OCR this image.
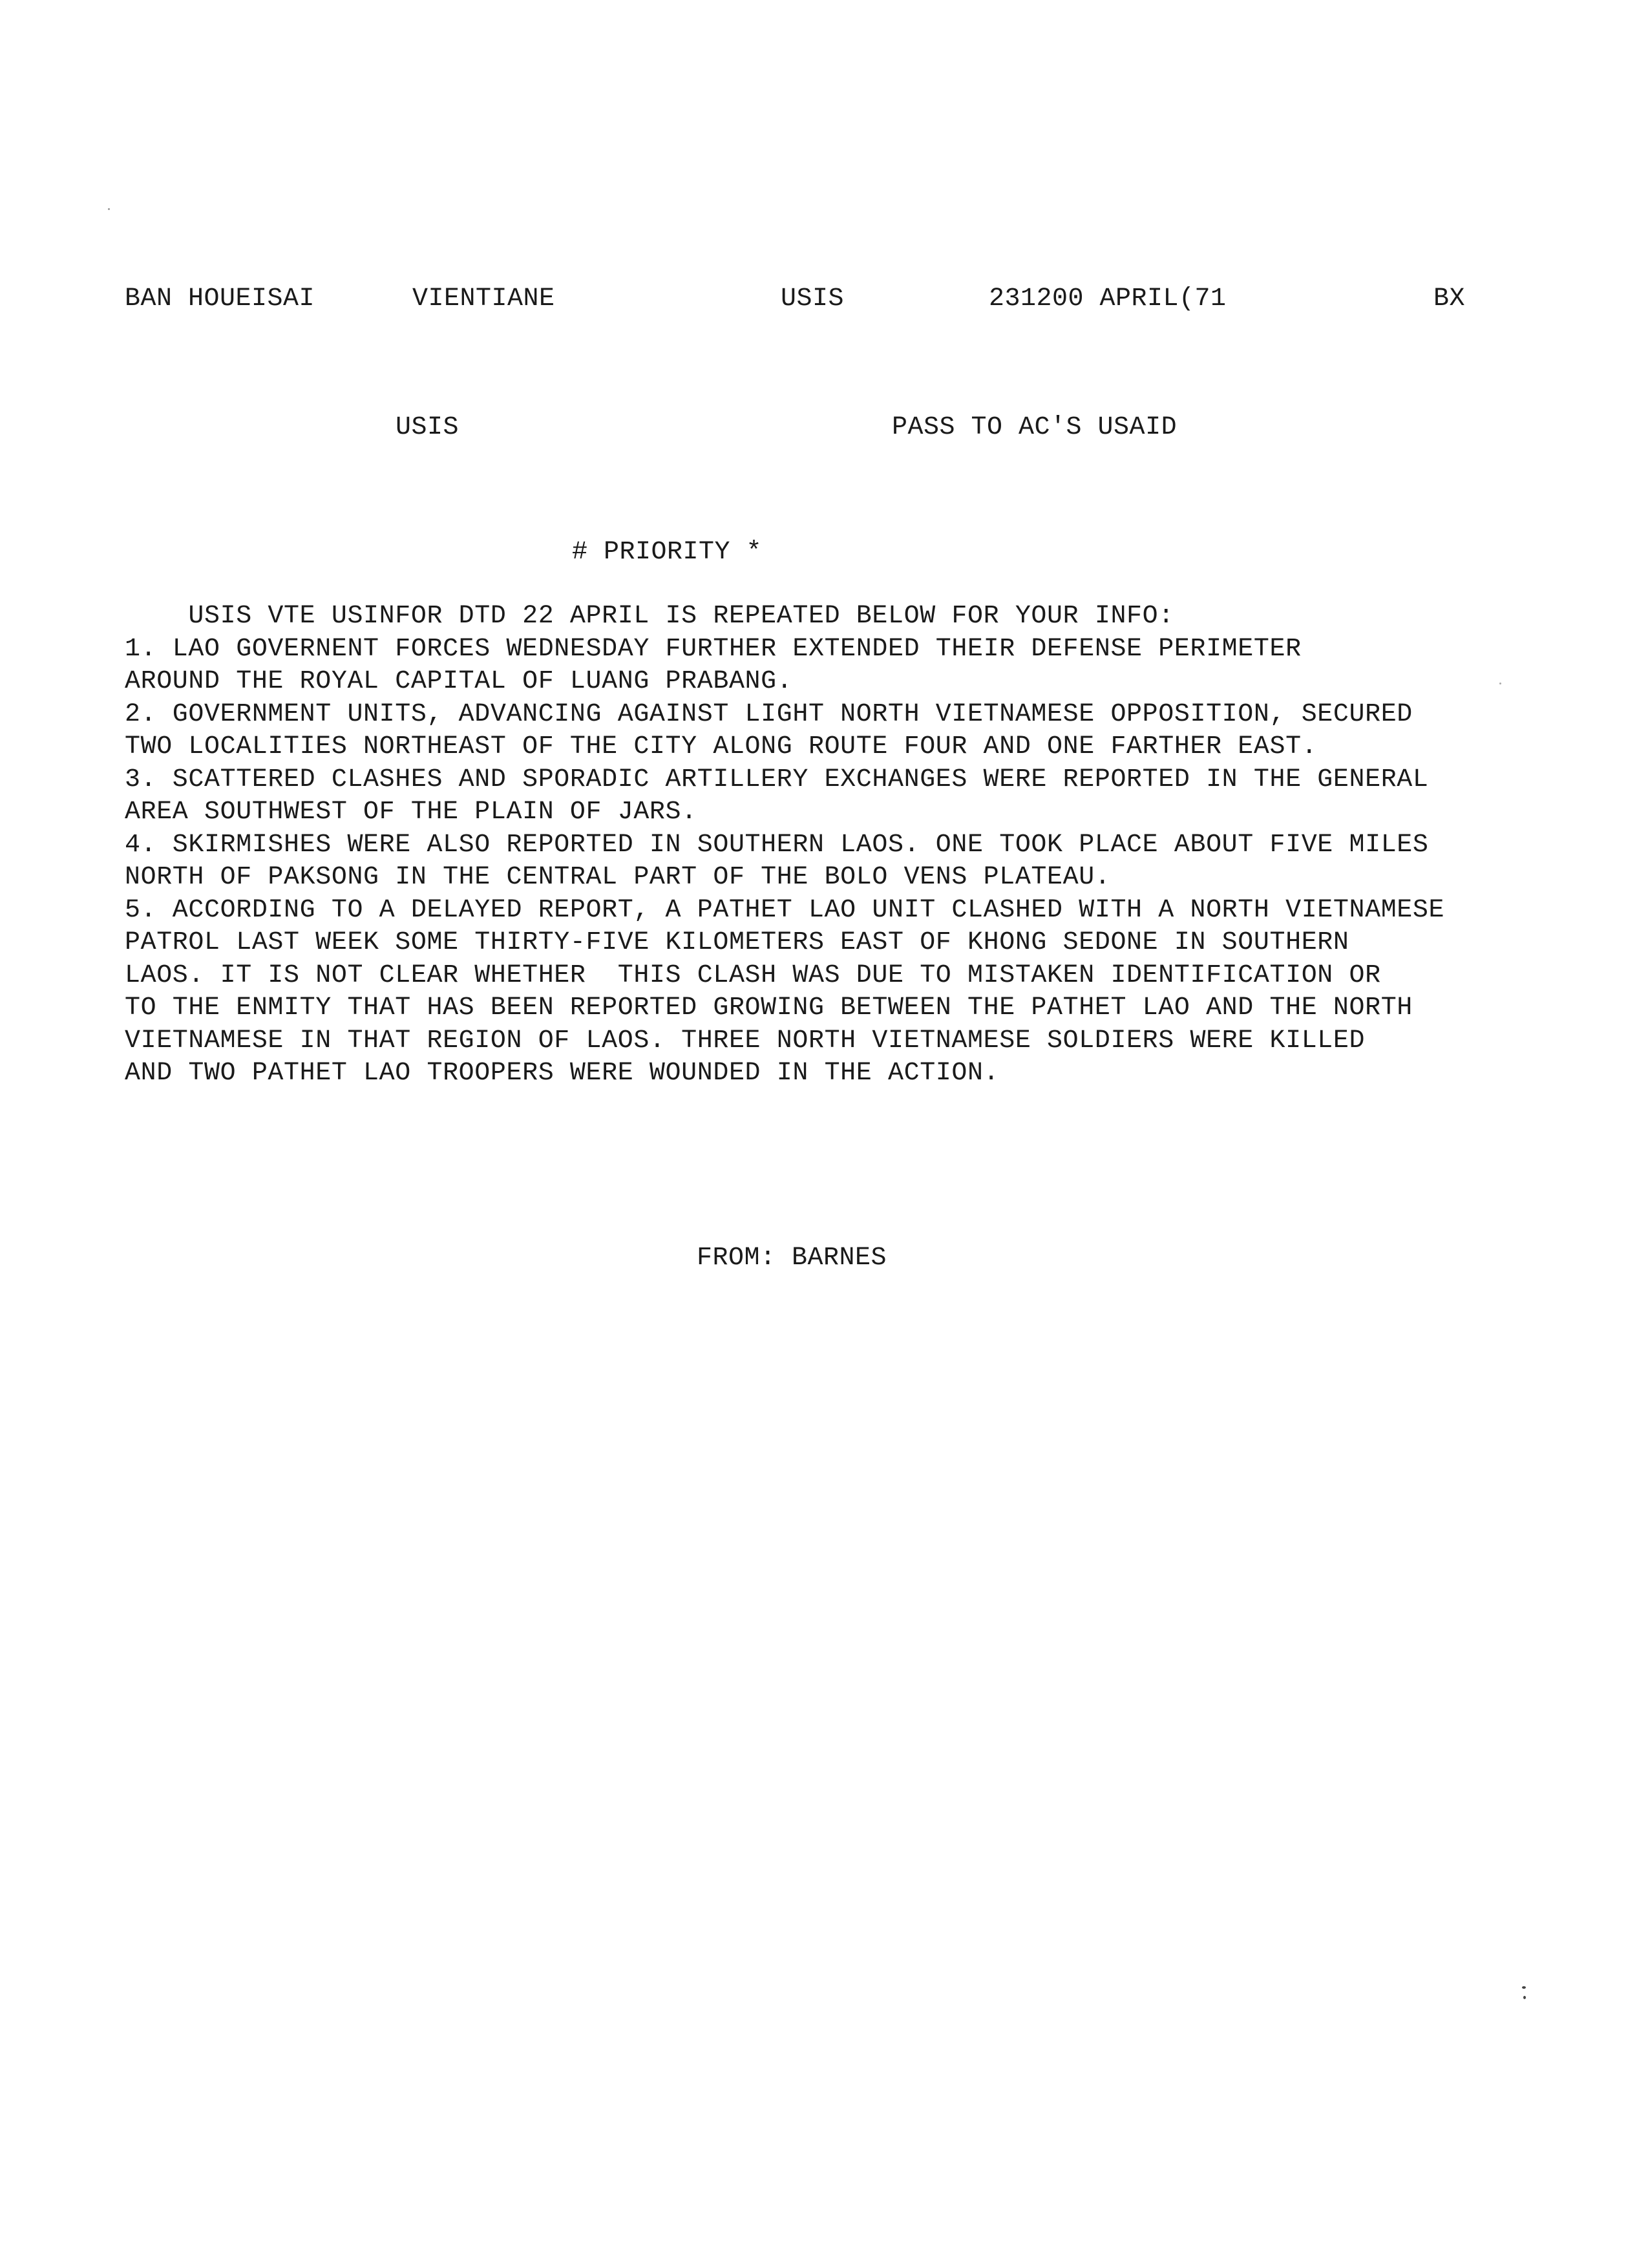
BAN HOUEISAI	VIENTIANE	USIS	231200 APRIL(71	BX
USIS	PASS TO AC'S USAID
# PRIORITY *
USIS VTE USINFOR DTD 22 APRIL IS REPEATED BELOW FOR YOUR INFO:
1. LAO GOVERNENT FORCES WEDNESDAY FURTHER EXTENDED THEIR DEFENSE PERIMETER
AROUND THE ROYAL CAPITAL OF LUANG PRABANG.
2. GOVERNMENT UNITS, ADVANCING AGAINST LIGHT NORTH VIETNAMESE OPPOSITION, SECURED
TWO LOCALITIES NORTHEAST OF THE CITY ALONG ROUTE FOUR AND ONE FARTHER EAST.
3. SCATTERED CLASHES AND SPORADIC ARTILLERY EXCHANGES WERE REPORTED IN THE GENERAL
AREA SOUTHWEST OF THE PLAIN OF JARS.
4. SKIRMISHES WERE ALSO REPORTED IN SOUTHERN LAOS. ONE TOOK PLACE ABOUT FIVE MILES
NORTH OF PAKSONG IN THE CENTRAL PART OF THE BOLO VENS PLATEAU.
5. ACCORDING TO A DELAYED REPORT, A PATHET LAO UNIT CLASHED WITH A NORTH VIETNAMESE
PATROL LAST WEEK SOME THIRTY-FIVE KILOMETERS EAST OF KHONG SEDONE IN SOUTHERN
LAOS. IT IS NOT CLEAR WHETHER  THIS CLASH WAS DUE TO MISTAKEN IDENTIFICATION OR
TO THE ENMITY THAT HAS BEEN REPORTED GROWING BETWEEN THE PATHET LAO AND THE NORTH
VIETNAMESE IN THAT REGION OF LAOS. THREE NORTH VIETNAMESE SOLDIERS WERE KILLED
AND TWO PATHET LAO TROOPERS WERE WOUNDED IN THE ACTION.
FROM: BARNES
